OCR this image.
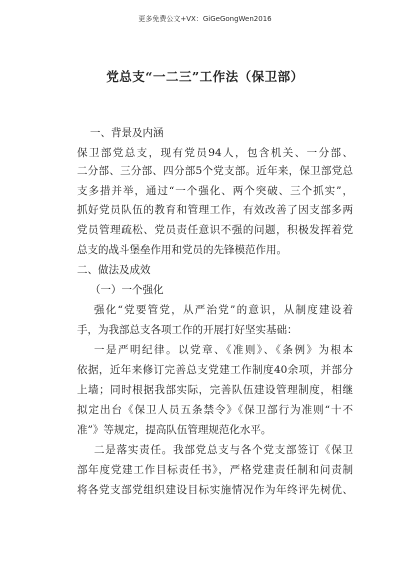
更多免费公文+VX：GiGeGongWen2016
党总支“一二三”工作法（保卫部）
一、背景及内涵
保卫部党总支，现有党员94人，包含机关、一分部、
二分部、三分部、四分部5个党支部。近年来，保卫部党总
支多措并举，通过“一个强化、两个突破、三个抓实”，
抓好党员队伍的教育和管理工作，有效改善了因支部多两
党员管理疏松、党员责任意识不强的问题，积极发挥着党
总支的战斗堡垒作用和党员的先锋模范作用。
二、做法及成效
（一）一个强化
强化“党要管党，从严治党”的意识，从制度建设着
手，为我部总支各项工作的开展打好坚实基础：
一是严明纪律。以党章、《准则》、《条例》为根本
依据，近年来修订完善总支党建工作制度40余项，并部分
上墙；同时根据我部实际，完善队伍建设管理制度，相继
拟定出台《保卫人员五条禁令》《保卫部行为准则“十不
准”》等规定，提高队伍管理规范化水平。
二是落实责任。我部党总支与各个党支部签订《保卫
部年度党建工作目标责任书》，严格党建责任制和问责制
将各党支部党组织建设目标实施情况作为年终评先树优、
